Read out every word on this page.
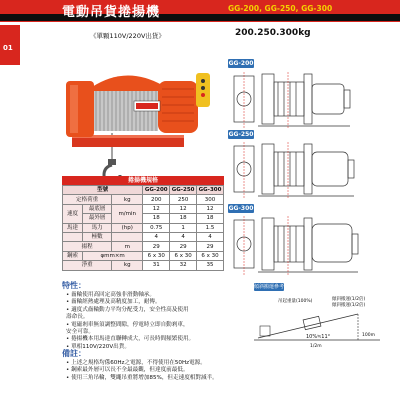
電動吊貨捲揚機	GG-200, GG-250, GG-300
01
《單顆110V/220V出貨》	200.250.300kg
GG-200
GG-250
GG-300
捲揚機規格
型號			GG-200	GG-250	GG-300
定格荷重		kg	200	250	300
速度	最底層	m/min	12	12	12
	最外層		18	18	18
馬達	馬力	(hp)	0.75	1	1.5
	極數		4	4	4
揚程		m	29	29	29
鋼索	φmm×m		6 x 30	6 x 30	6 x 30
淨重		kg	31	32	35
特性：
• 齒輪使用高回定高強非滑動軸承。
• 齒輪經熱處理及高精度加工，耐傳。
• 適度式齒輪動力平均分配受力，安全性高及使用
壽命長。
• 電磁剎車無須調整間隙，停電時立即自動剎車，
安全可靠。
• 捲揚機本用馬達直聯轉成大，可長時間頻繁使用。
• 單相110V/220V出貨。
備註：
• 上述之規格均係60Hz之電源，不得使用在50Hz電源。
• 鋼索最外層可以長不全最最觀，但達度前最低。
• 使用三角吊輪，雙繩吊重將增加85%，但走速度相對減半。
傾斜搬運參考
吊起重量(100%)	傾斜搬運(1/2倍)
傾斜搬運(1/2倍)
10%≒11°	100m
1/2m
